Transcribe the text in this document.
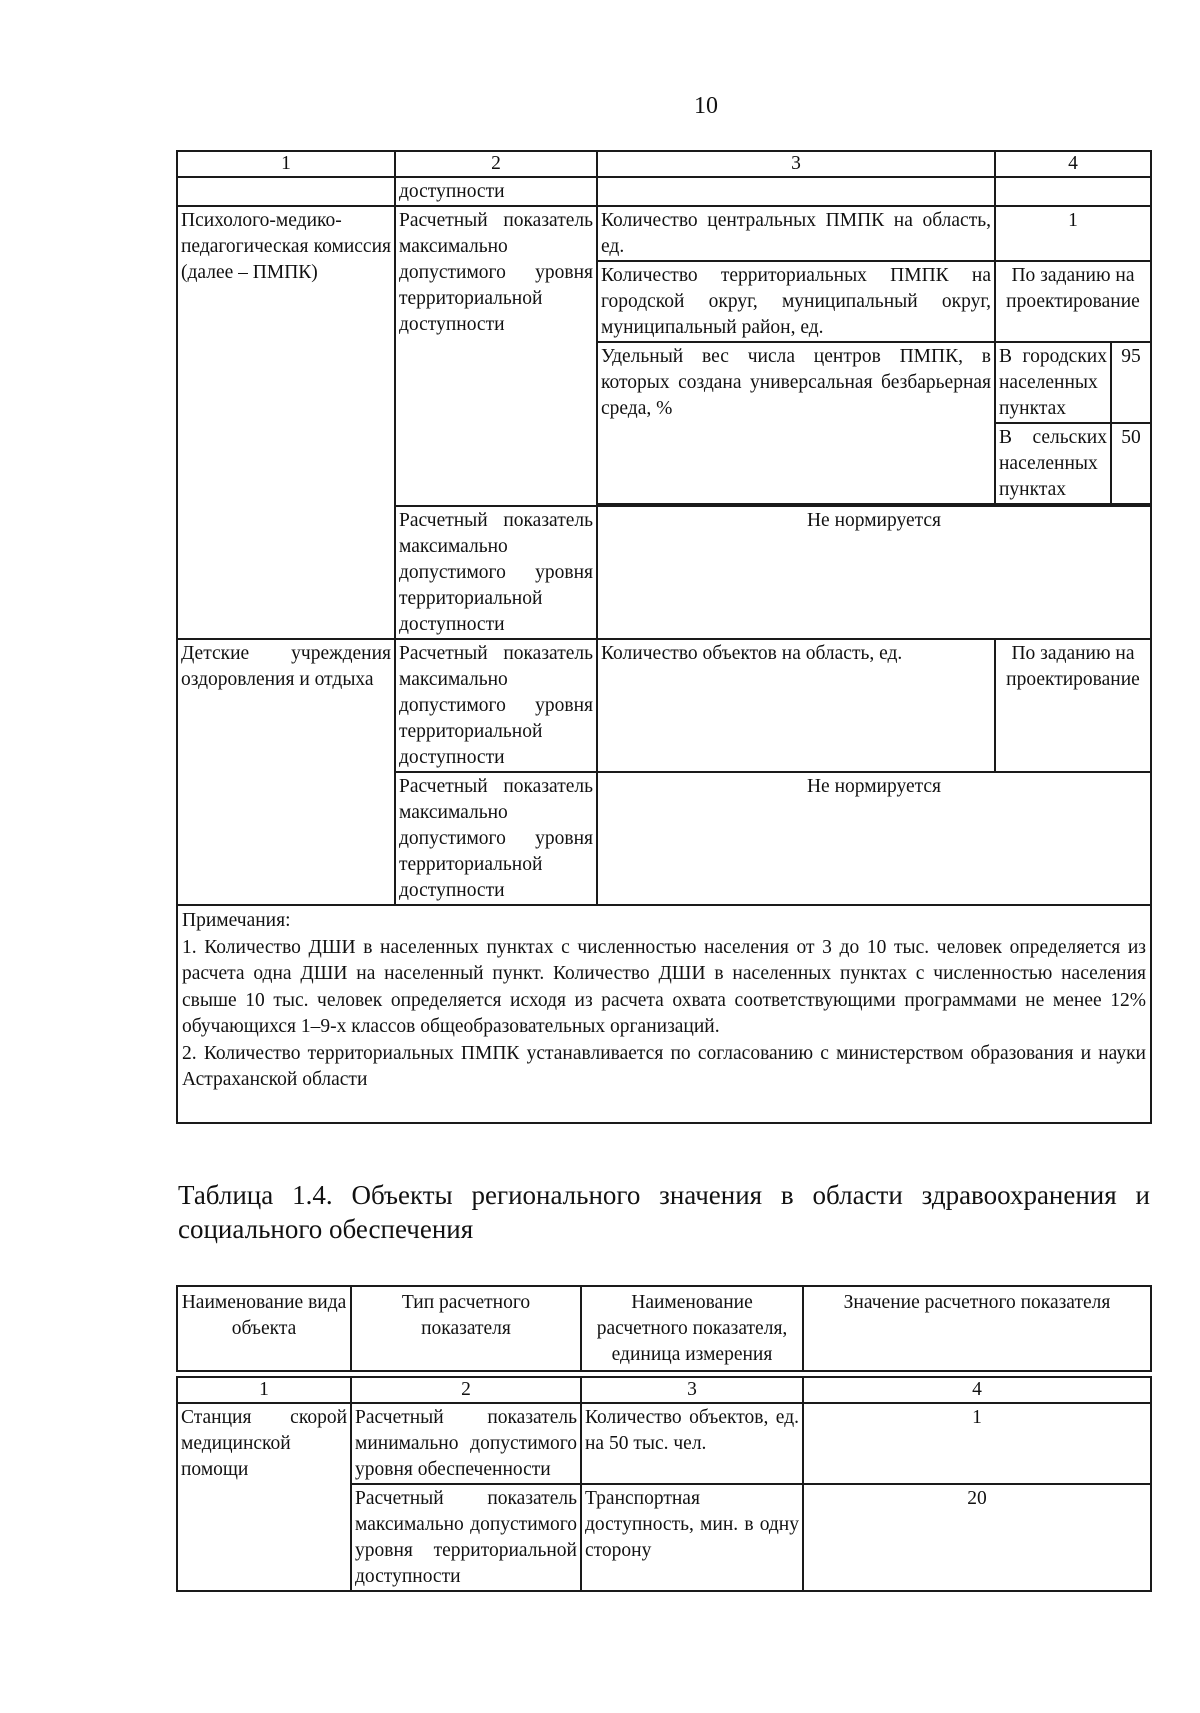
10
1	2	3	4	
	доступности			
Психолого-медико-педагогическая комиссия (далее – ПМПК)	Расчетный показатель максимально допустимого уровня территориальной доступности	Количество центральных ПМПК на область, ед.	1	
		Количество территориальных ПМПК на городской округ, муниципальный округ, муниципальный район, ед.	По заданию на проектирование	
		Удельный вес числа центров ПМПК, в которых создана универсальная безбарьерная среда, %	В городских населенных пунктах	95
			В сельских населенных пунктах	50

	Расчетный показатель максимально допустимого уровня территориальной доступности	Не нормируется		
Детские учреждения оздоровления и отдыха	Расчетный показатель максимально допустимого уровня территориальной доступности	Количество объектов на область, ед.	По заданию на проектирование	
	Расчетный показатель максимально допустимого уровня территориальной доступности	Не нормируется		

Примечания:

1. Количество ДШИ в населенных пунктах с численностью населения от 3 до 10 тыс. человек определяется из расчета одна ДШИ на населенный пункт. Количество ДШИ в населенных пунктах с численностью населения свыше 10 тыс. человек определяется исходя из расчета охвата соответствующими программами не менее 12% обучающихся 1–9-х классов общеобразовательных организаций.

2. Количество территориальных ПМПК устанавливается по согласованию с министерством образования и науки Астраханской области				

Таблица 1.4. Объекты регионального значения в области здравоохранения и социального обеспечения
Наименование вида объекта	Тип расчетного показателя	Наименование расчетного показателя, единица измерения	Значение расчетного показателя

1	2	3	4
Станция скорой медицинской помощи	Расчетный показатель минимально допустимого уровня обеспеченности	Количество объектов, ед. на 50 тыс. чел.	1
	Расчетный показатель максимально допустимого уровня территориальной доступности	Транспортная доступность, мин. в одну сторону	20
